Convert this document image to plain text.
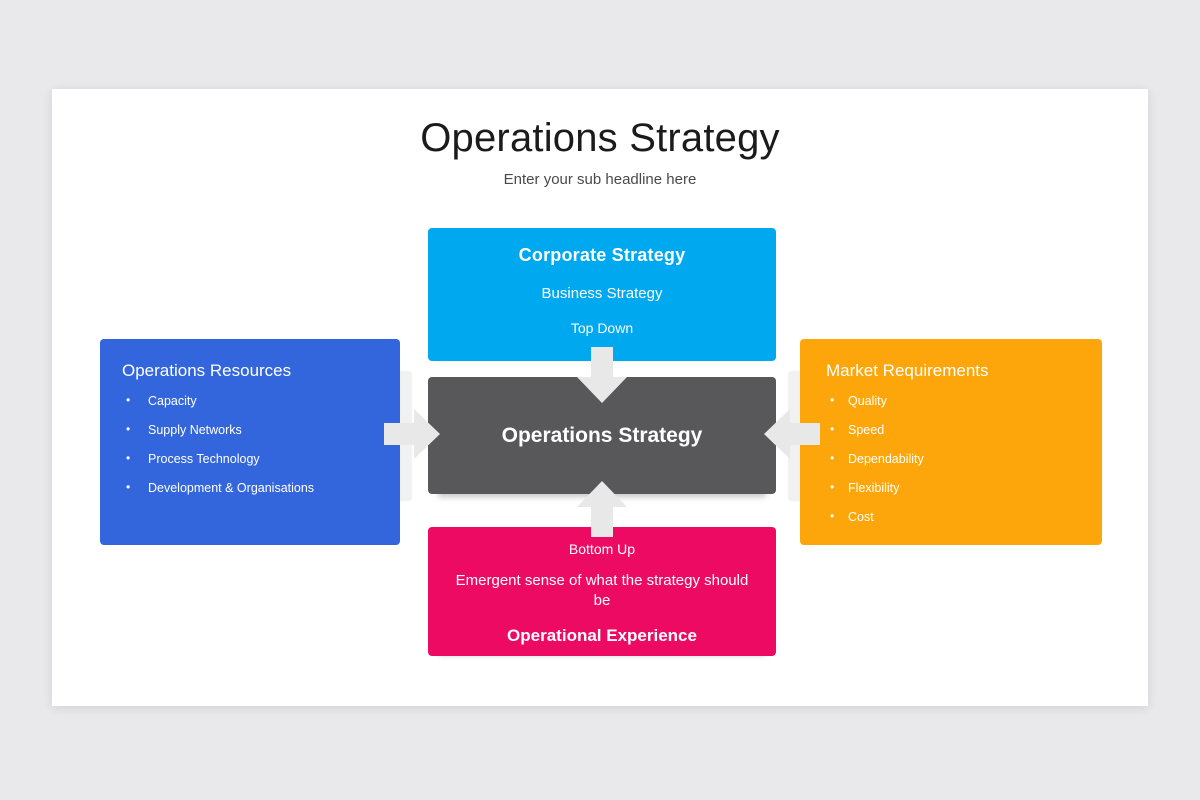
Operations Strategy
Enter your sub headline here
Corporate Strategy
Business Strategy
Top Down
Operations Strategy
Bottom Up
Emergent sense of what the strategy should be
Operational Experience
Operations Resources
• Capacity
• Supply Networks
• Process Technology
• Development & Organisations
Market Requirements
• Quality
• Speed
• Dependability
• Flexibility
• Cost
